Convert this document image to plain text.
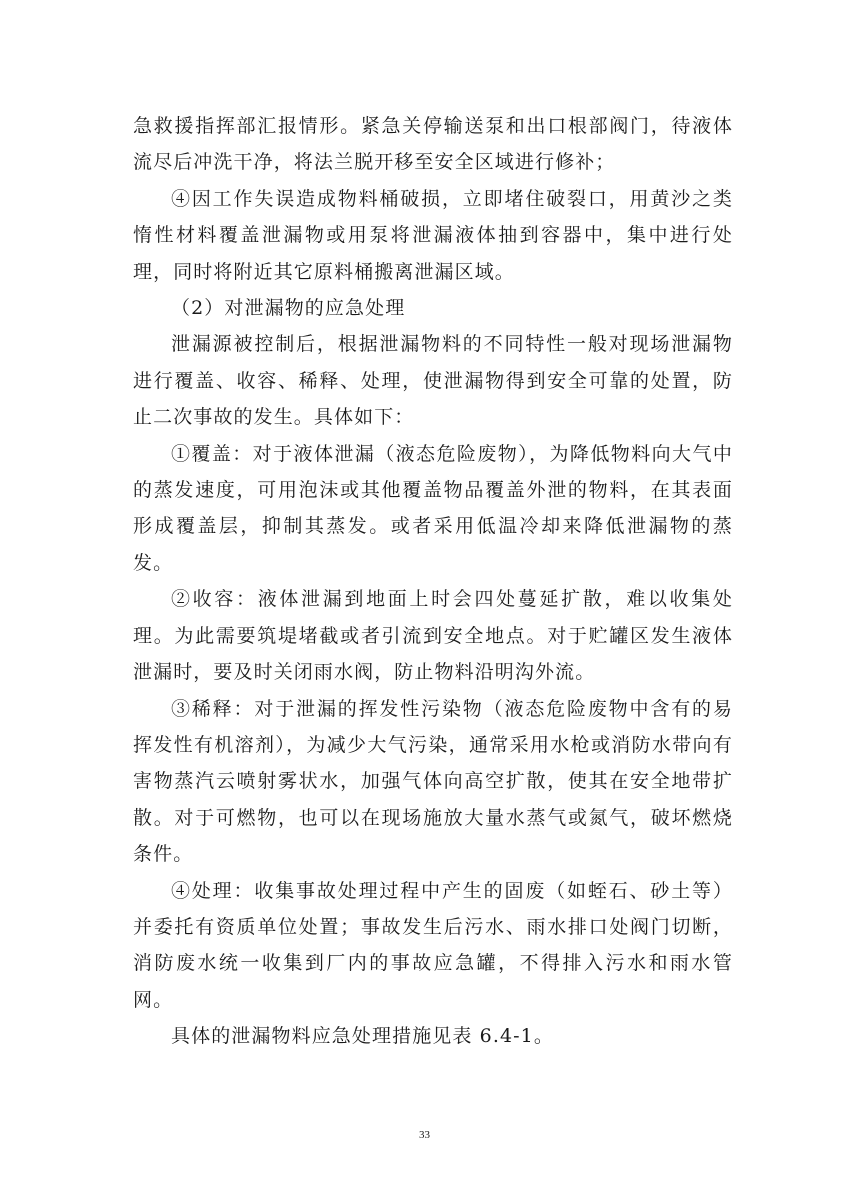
急救援指挥部汇报情形。紧急关停输送泵和出口根部阀门，待液体流尽后冲洗干净，将法兰脱开移至安全区域进行修补；

④因工作失误造成物料桶破损，立即堵住破裂口，用黄沙之类惰性材料覆盖泄漏物或用泵将泄漏液体抽到容器中，集中进行处理，同时将附近其它原料桶搬离泄漏区域。

（2）对泄漏物的应急处理

泄漏源被控制后，根据泄漏物料的不同特性一般对现场泄漏物进行覆盖、收容、稀释、处理，使泄漏物得到安全可靠的处置，防止二次事故的发生。具体如下：

①覆盖：对于液体泄漏（液态危险废物），为降低物料向大气中的蒸发速度，可用泡沫或其他覆盖物品覆盖外泄的物料，在其表面形成覆盖层，抑制其蒸发。或者采用低温冷却来降低泄漏物的蒸发。

②收容：液体泄漏到地面上时会四处蔓延扩散，难以收集处理。为此需要筑堤堵截或者引流到安全地点。对于贮罐区发生液体泄漏时，要及时关闭雨水阀，防止物料沿明沟外流。

③稀释：对于泄漏的挥发性污染物（液态危险废物中含有的易挥发性有机溶剂），为减少大气污染，通常采用水枪或消防水带向有害物蒸汽云喷射雾状水，加强气体向高空扩散，使其在安全地带扩散。对于可燃物，也可以在现场施放大量水蒸气或氮气，破坏燃烧条件。

④处理：收集事故处理过程中产生的固废（如蛭石、砂土等）并委托有资质单位处置；事故发生后污水、雨水排口处阀门切断，消防废水统一收集到厂内的事故应急罐，不得排入污水和雨水管网。

具体的泄漏物料应急处理措施见表 6.4-1。

33
